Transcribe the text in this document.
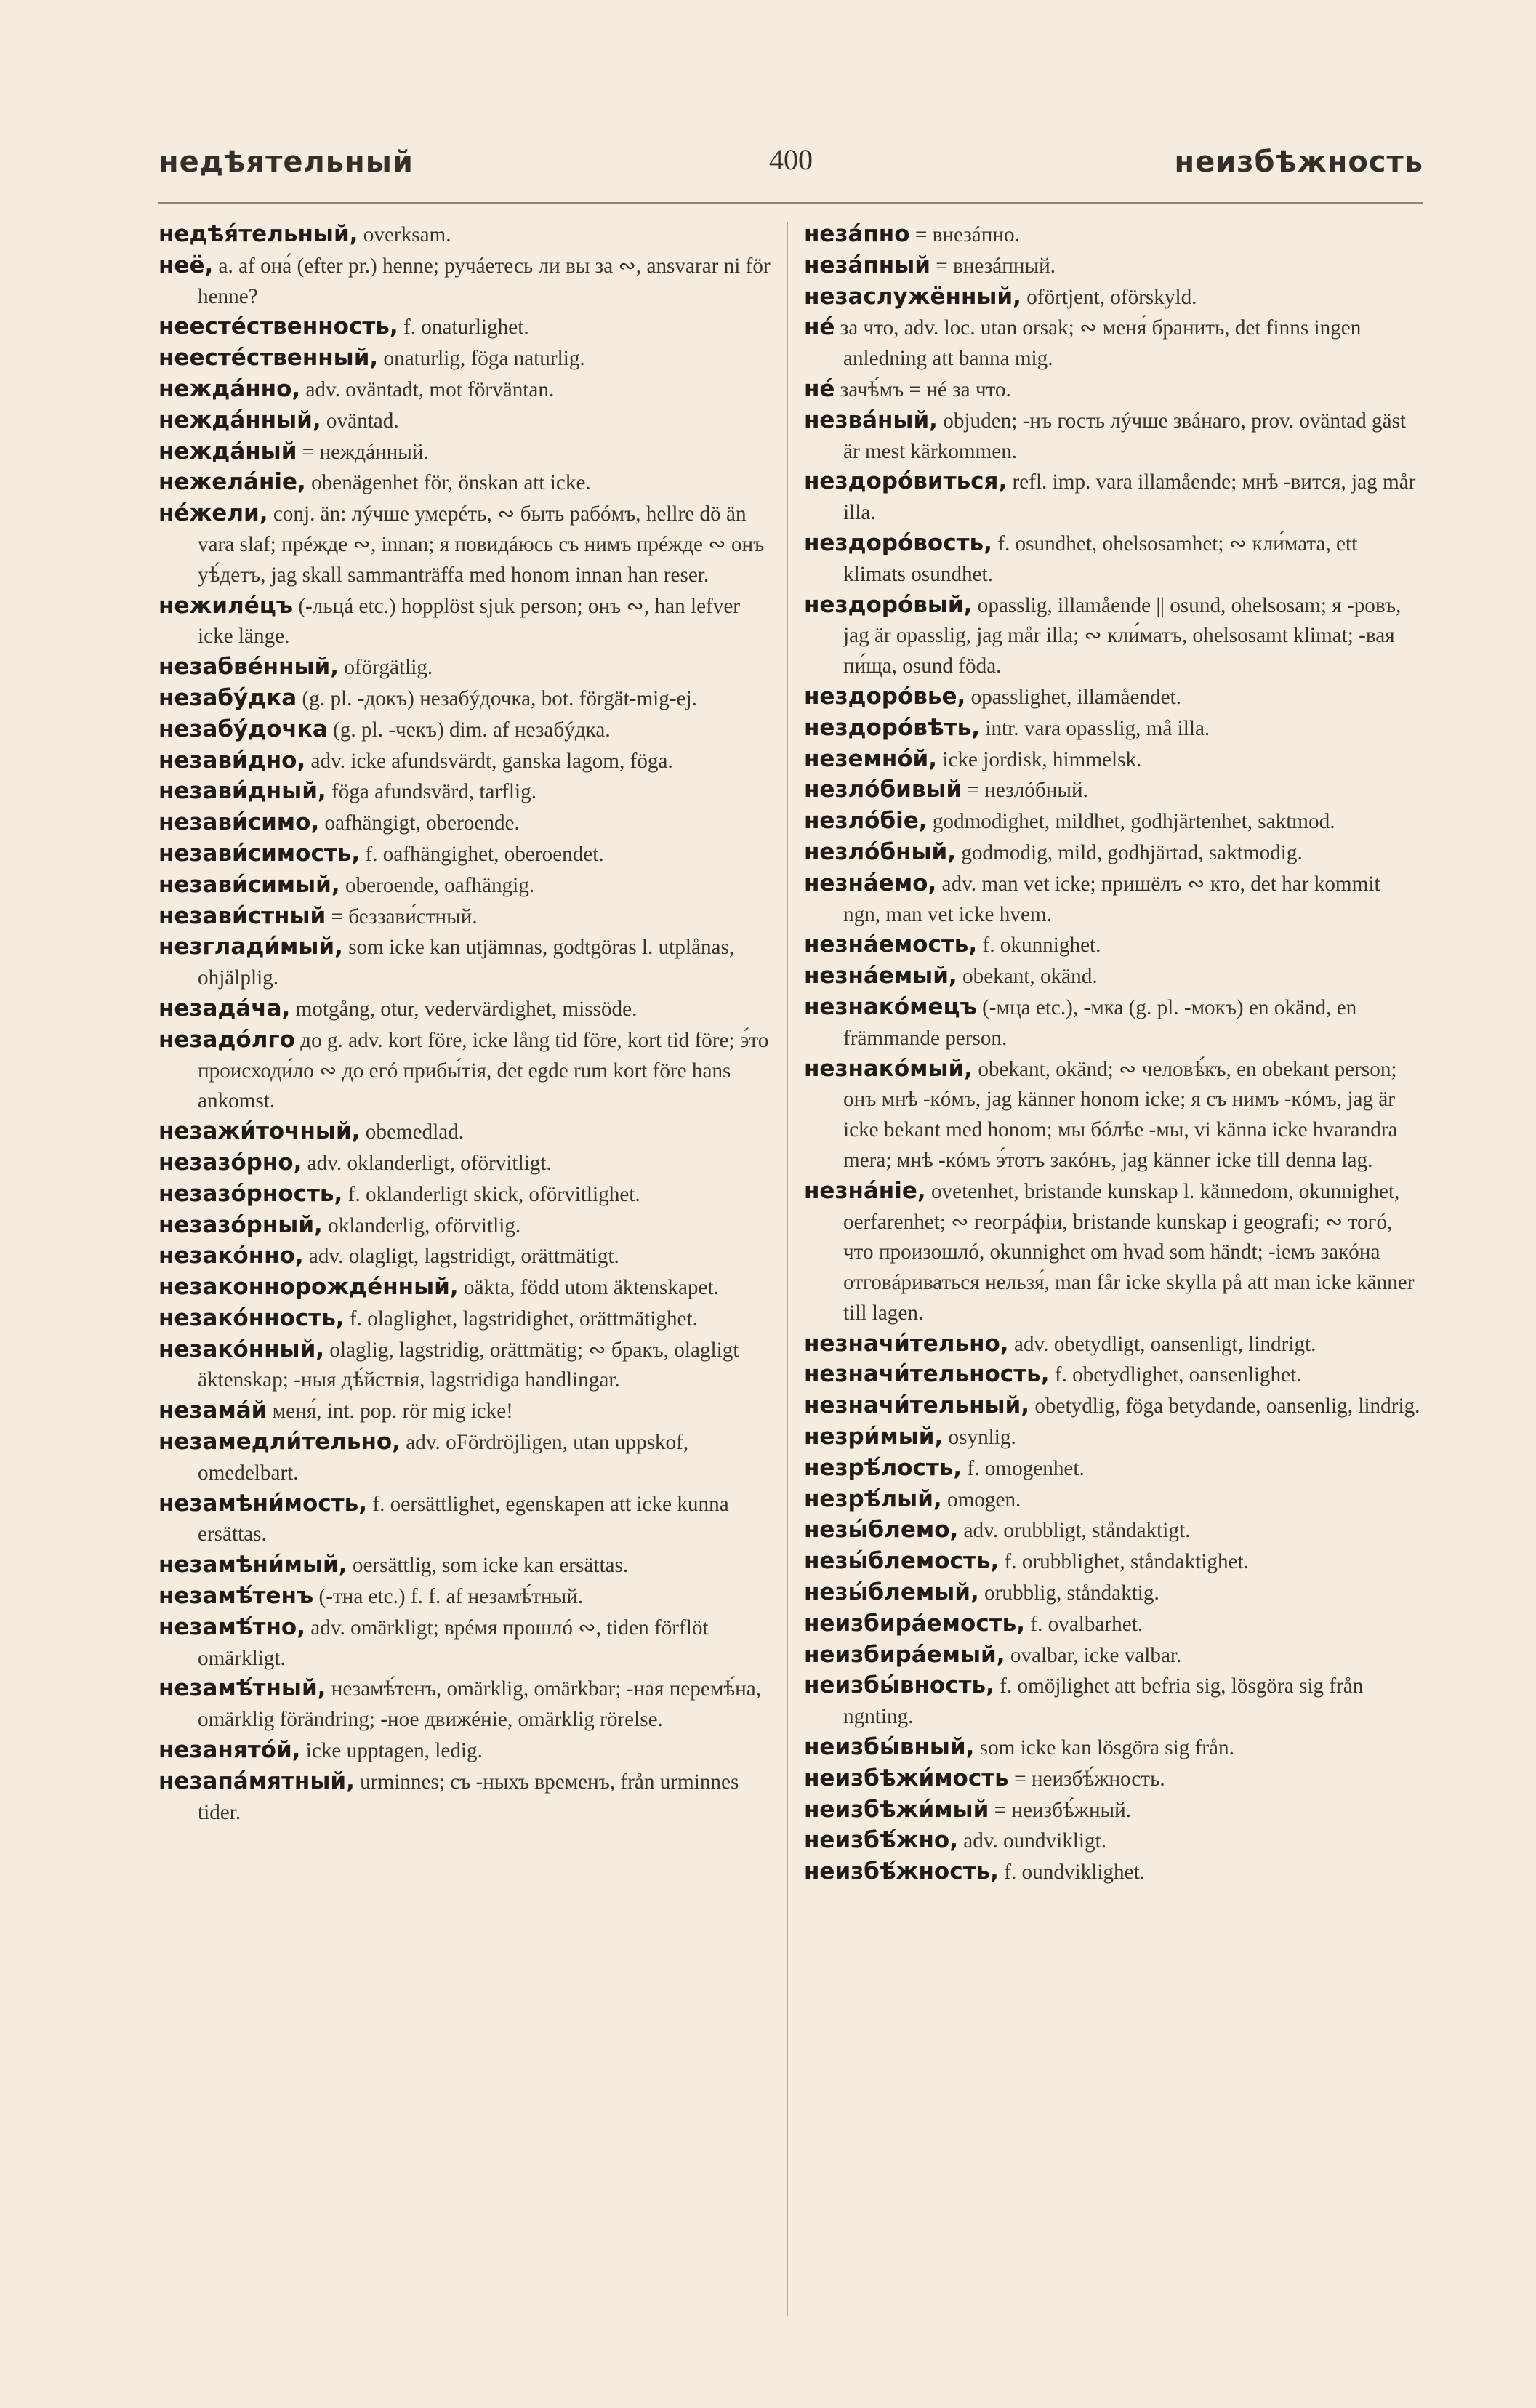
недѣятельный	400	неизбѣжность

недѣя́тельный, overksam.

неё, a. af она́ (efter pr.) henne; ручáетесь ли вы за ∾, ansvarar ni för henne?

неестéственность, f. onaturlighet.

неестéственный, onaturlig, föga naturlig.

неждáнно, adv. oväntadt, mot förväntan.

неждáнный, oväntad.

неждáный = неждáнный.

нежелáніе, obenägenhet för, önskan att icke.

нéжели, conj. än: лýчше умерéть, ∾ быть рабóмъ, hellre dö än vara slaf; прéжде ∾, innan; я повидáюсь съ нимъ прéжде ∾ онъ уѣ́детъ, jag skall sammanträffa med honom innan han reser.

нежилéцъ (-льцá etc.) hopplöst sjuk person; онъ ∾, han lefver icke länge.

незабвéнный, oförgätlig.

незабýдка (g. pl. -докъ) незабýдочка, bot. förgät-mig-ej.

незабýдочка (g. pl. -чекъ) dim. af незабýдка.

незави́дно, adv. icke afundsvärdt, ganska lagom, föga.

незави́дный, föga afundsvärd, tarflig.

незави́симо, oafhängigt, oberoende.

незави́симость, f. oafhängighet, oberoendet.

незави́симый, oberoende, oafhängig.

незави́стный = беззави́стный.

незглади́мый, som icke kan utjämnas, godtgöras l. utplånas, ohjälplig.

незадáча, motgång, otur, vedervärdighet, missöde.

незадóлго до g. adv. kort före, icke lång tid före, kort tid före; э́то происходи́ло ∾ до егó прибы́тія, det egde rum kort före hans ankomst.

незажи́точный, obemedlad.

незазóрно, adv. oklanderligt, oförvitligt.

незазóрность, f. oklanderligt skick, oförvitlighet.

незазóрный, oklanderlig, oförvitlig.

незакóнно, adv. olagligt, lagstridigt, orättmätigt.

незаконнорождéнный, oäkta, född utom äktenskapet.

незакóнность, f. olaglighet, lagstridighet, orättmätighet.

незакóнный, olaglig, lagstridig, orättmätig; ∾ бракъ, olagligt äktenskap; -ныя дѣ́йствія, lagstridiga handlingar.

незамáй меня́, int. pop. rör mig icke!

незамедли́тельно, adv. oFördröjligen, utan uppskof, omedelbart.

незамѣни́мость, f. oersättlighet, egenskapen att icke kunna ersättas.

незамѣни́мый, oersättlig, som icke kan ersättas.

незамѣ́тенъ (-тна etc.) f. f. af незамѣ́тный.

незамѣ́тно, adv. omärkligt; врéмя прошлó ∾, tiden förflöt omärkligt.

незамѣ́тный, незамѣ́тенъ, omärklig, omärkbar; -ная перемѣ́на, omärklig förändring; -ное движéніе, omärklig rörelse.

незанятóй, icke upptagen, ledig.

незапáмятный, urminnes; съ -ныхъ временъ, från urminnes tider.

незáпно = внезáпно.

незáпный = внезáпный.

незаслужённый, oförtjent, oförskyld.

нé за что, adv. loc. utan orsak; ∾ меня́ бранить, det finns ingen anledning att banna mig.

нé зачѣ́мъ = нé за что.

незвáный, objuden; -нъ гость лýчше звáнаго, prov. oväntad gäst är mest kärkommen.

нездорóвиться, refl. imp. vara illamående; мнѣ -вится, jag mår illa.

нездорóвость, f. osundhet, ohelsosamhet; ∾ кли́мата, ett klimats osundhet.

нездорóвый, opasslig, illamående || osund, ohelsosam; я -ровъ, jag är opasslig, jag mår illa; ∾ кли́матъ, ohelsosamt klimat; -вая пи́ща, osund föda.

нездорóвье, opasslighet, illamåendet.

нездорóвѣть, intr. vara opasslig, må illa.

неземнóй, icke jordisk, himmelsk.

незлóбивый = незлóбный.

незлóбіе, godmodighet, mildhet, godhjärtenhet, saktmod.

незлóбный, godmodig, mild, godhjärtad, saktmodig.

незнáемо, adv. man vet icke; пришёлъ ∾ кто, det har kommit ngn, man vet icke hvem.

незнáемость, f. okunnighet.

незнáемый, obekant, okänd.

незнакóмецъ (-мца etc.), -мка (g. pl. -мокъ) en okänd, en främmande person.

незнакóмый, obekant, okänd; ∾ человѣ́къ, en obekant person; онъ мнѣ -кóмъ, jag känner honom icke; я съ нимъ -кóмъ, jag är icke bekant med honom; мы бóлѣе -мы, vi känna icke hvarandra mera; мнѣ -кóмъ э́тотъ закóнъ, jag känner icke till denna lag.

незнáніе, ovetenhet, bristande kunskap l. kännedom, okunnighet, oerfarenhet; ∾ геогрáфіи, bristande kunskap i geografi; ∾ тогó, что произошлó, okunnighet om hvad som händt; -іемъ закóна отговáриваться нельзя́, man får icke skylla på att man icke känner till lagen.

незначи́тельно, adv. obetydligt, oansenligt, lindrigt.

незначи́тельность, f. obetydlighet, oansenlighet.

незначи́тельный, obetydlig, föga betydande, oansenlig, lindrig.

незри́мый, osynlig.

незрѣ́лость, f. omogenhet.

незрѣ́лый, omogen.

незы́блемо, adv. orubbligt, ståndaktigt.

незы́блемость, f. orubblighet, ståndaktighet.

незы́блемый, orubblig, ståndaktig.

неизбирáемость, f. ovalbarhet.

неизбирáемый, ovalbar, icke valbar.

неизбы́вность, f. omöjlighet att befria sig, lösgöra sig från ngnting.

неизбы́вный, som icke kan lösgöra sig från.

неизбѣжи́мость = неизбѣ́жность.

неизбѣжи́мый = неизбѣ́жный.

неизбѣ́жно, adv. oundvikligt.

неизбѣ́жность, f. oundviklighet.
